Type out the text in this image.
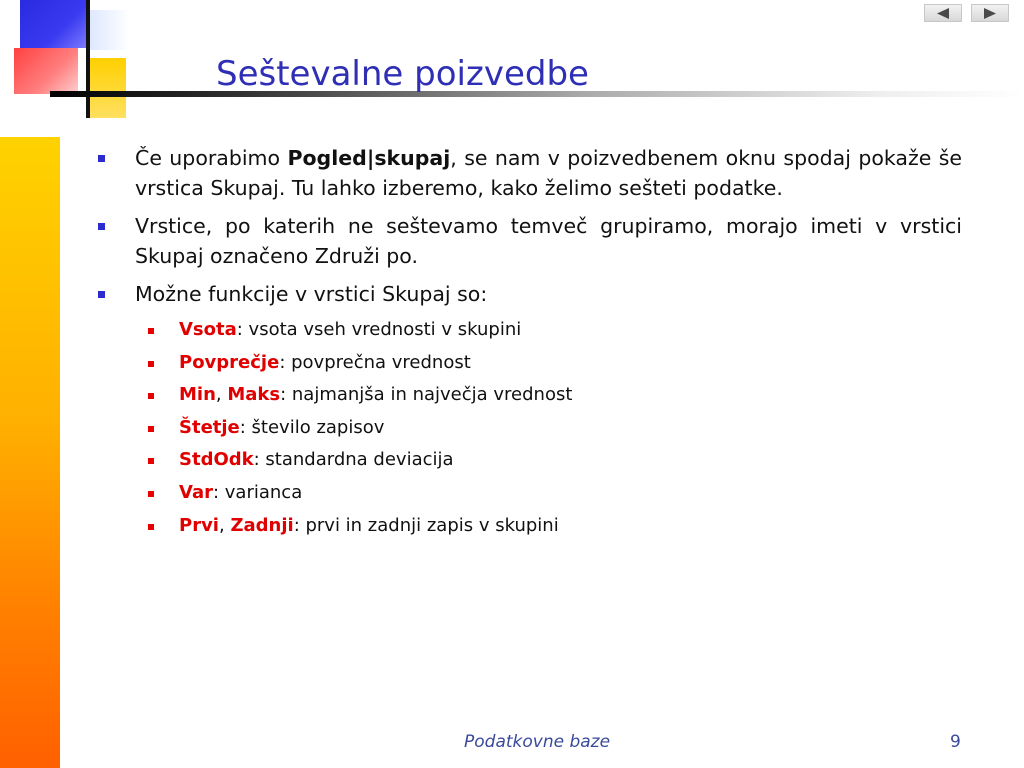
Seštevalne poizvedbe
Če uporabimo Pogled|skupaj, se nam v poizvedbenem oknu spodaj pokaže še vrstica Skupaj. Tu lahko izberemo, kako želimo sešteti podatke.
Vrstice, po katerih ne seštevamo temveč grupiramo, morajo imeti v vrstici Skupaj označeno Združi po.
Možne funkcije v vrstici Skupaj so:
Vsota: vsota vseh vrednosti v skupini
Povprečje: povprečna vrednost
Min, Maks: najmanjša in največja vrednost
Štetje: število zapisov
StdOdk: standardna deviacija
Var: varianca
Prvi, Zadnji: prvi in zadnji zapis v skupini
Podatkovne baze	9
